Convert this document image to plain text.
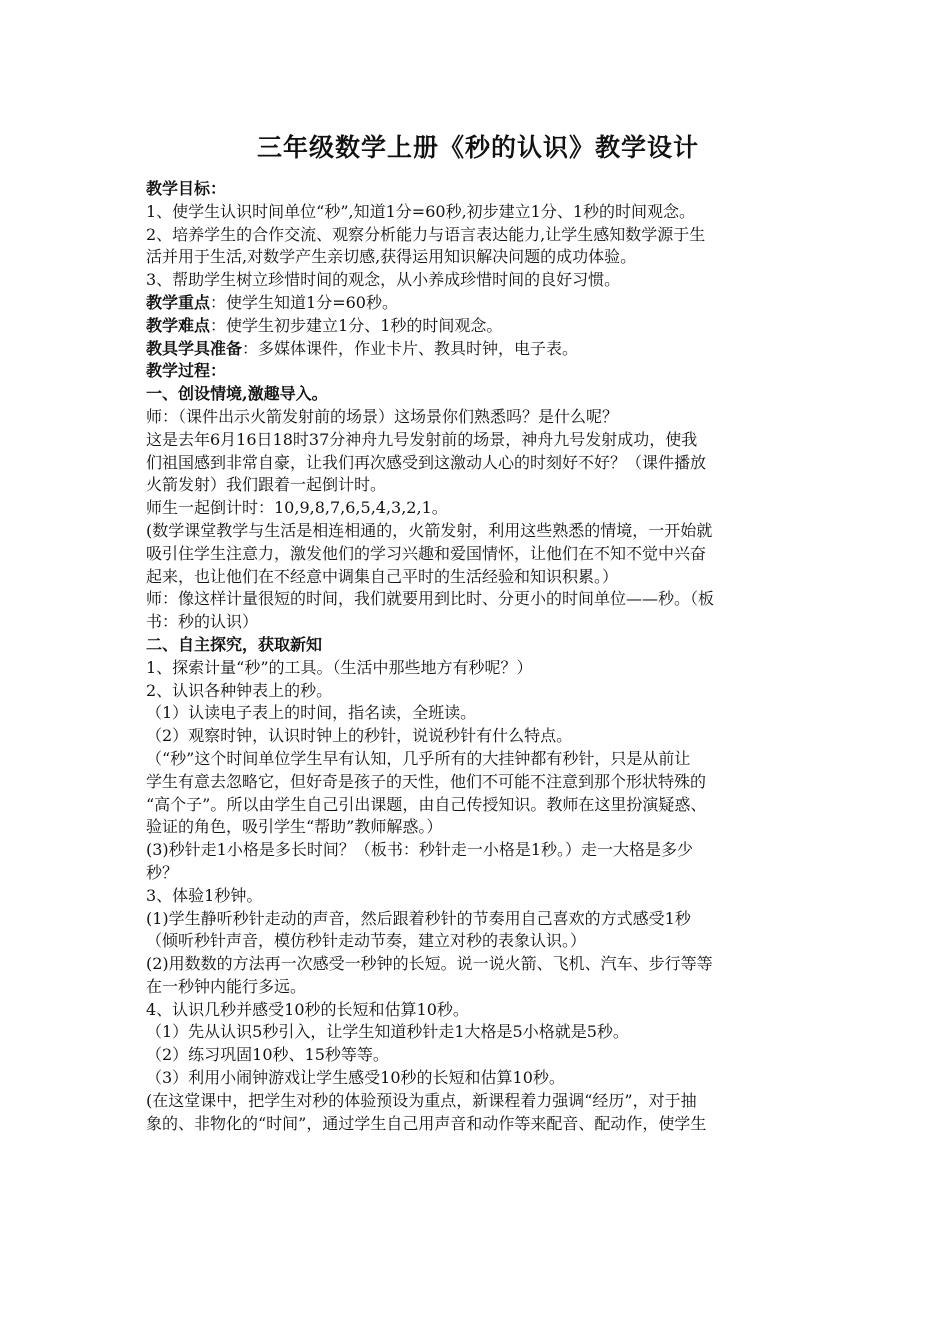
三年级数学上册《秒的认识》教学设计
教学目标：
1、使学生认识时间单位“秒”,知道1分=60秒,初步建立1分、1秒的时间观念。
2、培养学生的合作交流、观察分析能力与语言表达能力,让学生感知数学源于生
活并用于生活,对数学产生亲切感,获得运用知识解决问题的成功体验。
3、帮助学生树立珍惜时间的观念，从小养成珍惜时间的良好习惯。
教学重点：使学生知道1分=60秒。
教学难点：使学生初步建立1分、1秒的时间观念。
教具学具准备：多媒体课件，作业卡片、教具时钟，电子表。
教学过程：
一、创设情境,激趣导入。
师：（课件出示火箭发射前的场景）这场景你们熟悉吗？是什么呢？
这是去年6月16日18时37分神舟九号发射前的场景，神舟九号发射成功，使我
们祖国感到非常自豪，让我们再次感受到这激动人心的时刻好不好？（课件播放
火箭发射）我们跟着一起倒计时。
师生一起倒计时：10,9,8,7,6,5,4,3,2,1。
(数学课堂教学与生活是相连相通的，火箭发射，利用这些熟悉的情境，一开始就
吸引住学生注意力，激发他们的学习兴趣和爱国情怀，让他们在不知不觉中兴奋
起来，也让他们在不经意中调集自己平时的生活经验和知识积累。）
师：像这样计量很短的时间，我们就要用到比时、分更小的时间单位——秒。（板
书：秒的认识）
二、自主探究，获取新知
1、探索计量“秒”的工具。（生活中那些地方有秒呢？）
2、认识各种钟表上的秒。
（1）认读电子表上的时间，指名读，全班读。
（2）观察时钟，认识时钟上的秒针，说说秒针有什么特点。
（“秒”这个时间单位学生早有认知，几乎所有的大挂钟都有秒针，只是从前让
学生有意去忽略它，但好奇是孩子的天性，他们不可能不注意到那个形状特殊的
“高个子”。所以由学生自己引出课题，由自己传授知识。教师在这里扮演疑惑、
验证的角色，吸引学生“帮助”教师解惑。）
(3)秒针走1小格是多长时间？（板书：秒针走一小格是1秒。）走一大格是多少
秒？
3、体验1秒钟。
(1)学生静听秒针走动的声音，然后跟着秒针的节奏用自己喜欢的方式感受1秒
（倾听秒针声音，模仿秒针走动节奏，建立对秒的表象认识。）
(2)用数数的方法再一次感受一秒钟的长短。说一说火箭、飞机、汽车、步行等等
在一秒钟内能行多远。
4、认识几秒并感受10秒的长短和估算10秒。
（1）先从认识5秒引入，让学生知道秒针走1大格是5小格就是5秒。
（2）练习巩固10秒、15秒等等。
（3）利用小闹钟游戏让学生感受10秒的长短和估算10秒。
(在这堂课中，把学生对秒的体验预设为重点，新课程着力强调“经历”，对于抽
象的、非物化的“时间”，通过学生自己用声音和动作等来配音、配动作，使学生
